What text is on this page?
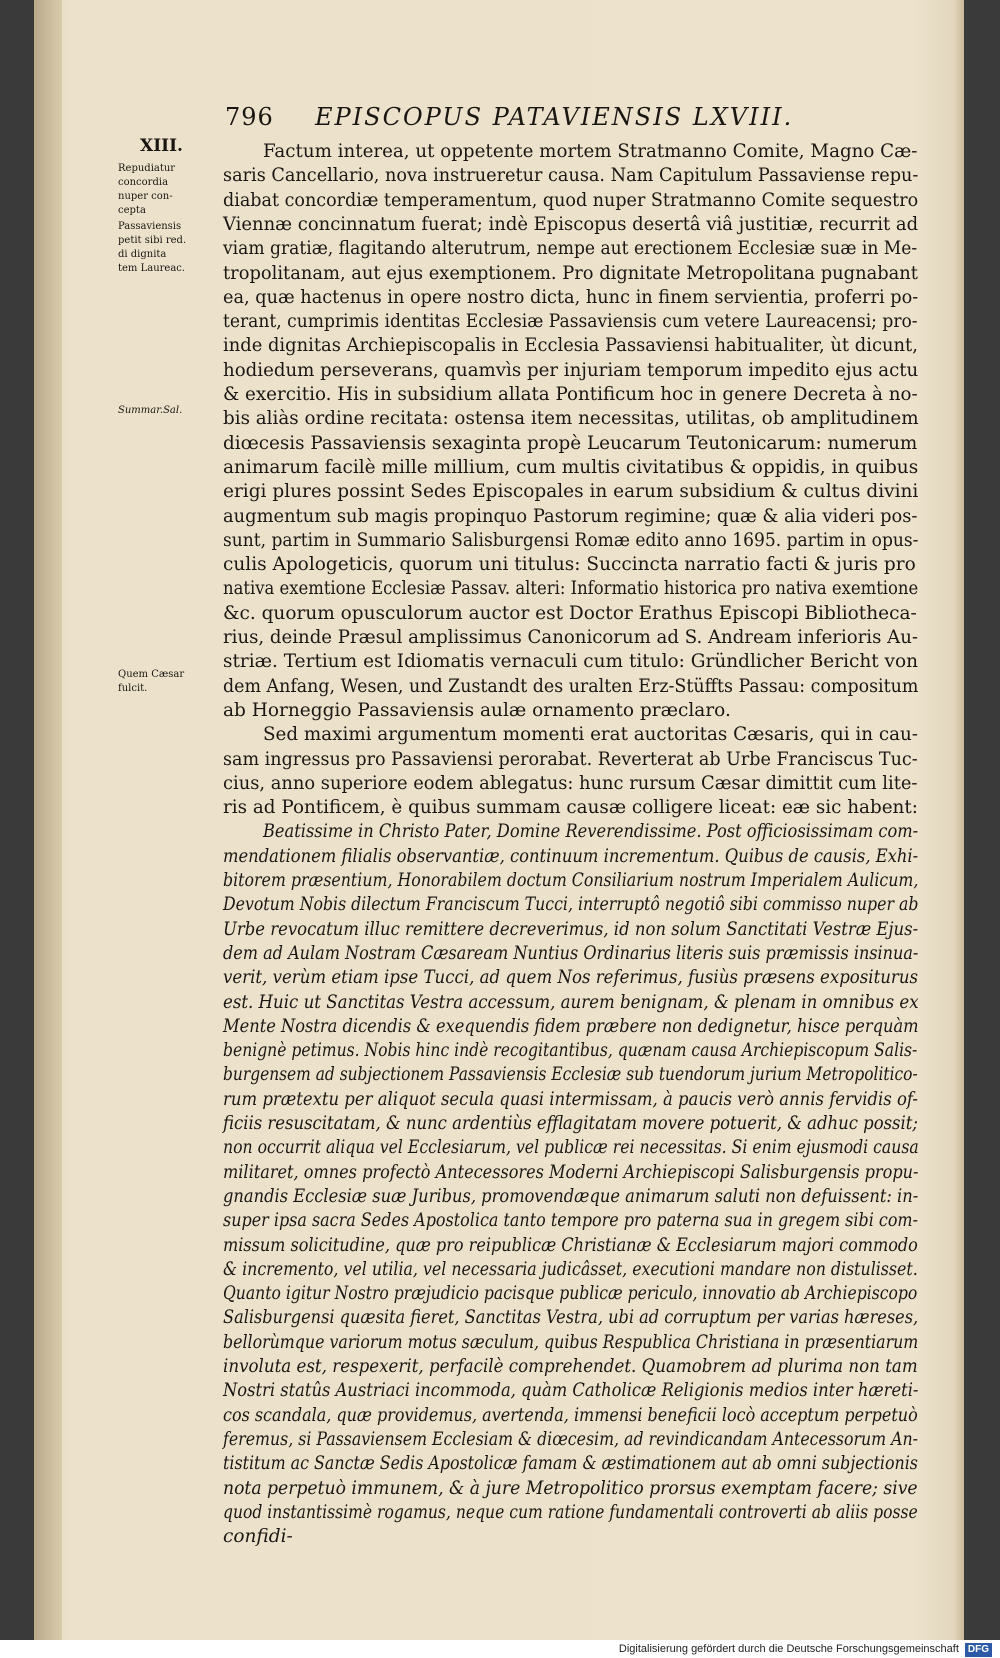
796 EPISCOPUS PATAVIENSIS LXVIII.
XIII.
Repudiatur
concordia
nuper con-
cepta
Passaviensis
petit sibi red.
di dignita
tem Laureac.
Summar.Sal.
Quem Cæsar
fulcit.
Factum interea, ut oppetente mortem Stratmanno Comite, Magno Cæ-
saris Cancellario, nova instrueretur causa. Nam Capitulum Passaviense repu-
diabat concordiæ temperamentum, quod nuper Stratmanno Comite sequestro
Viennæ concinnatum fuerat; indè Episcopus desertâ viâ justitiæ, recurrit ad
viam gratiæ, flagitando alterutrum, nempe aut erectionem Ecclesiæ suæ in Me-
tropolitanam, aut ejus exemptionem. Pro dignitate Metropolitana pugnabant
ea, quæ hactenus in opere nostro dicta, hunc in finem servientia, proferri po-
terant, cumprimis identitas Ecclesiæ Passaviensis cum vetere Laureacensi; pro-
inde dignitas Archiepiscopalis in Ecclesia Passaviensi habitualiter, ùt dicunt,
hodiedum perseverans, quamvìs per injuriam temporum impedito ejus actu
& exercitio. His in subsidium allata Pontificum hoc in genere Decreta à no-
bis aliàs ordine recitata: ostensa item necessitas, utilitas, ob amplitudinem
diœcesis Passaviensis sexaginta propè Leucarum Teutonicarum: numerum
animarum facilè mille millium, cum multis civitatibus & oppidis, in quibus
erigi plures possint Sedes Episcopales in earum subsidium & cultus divini
augmentum sub magis propinquo Pastorum regimine; quæ & alia videri pos-
sunt, partim in Summario Salisburgensi Romæ edito anno 1695. partim in opus-
culis Apologeticis, quorum uni titulus: Succincta narratio facti & juris pro
nativa exemtione Ecclesiæ Passav. alteri: Informatio historica pro nativa exemtione
&c. quorum opusculorum auctor est Doctor Erathus Episcopi Bibliotheca-
rius, deinde Præsul amplissimus Canonicorum ad S. Andream inferioris Au-
striæ. Tertium est Idiomatis vernaculi cum titulo: Gründlicher Bericht von
dem Anfang, Wesen, und Zustandt des uralten Erz-Stüffts Passau: compositum
ab Horneggio Passaviensis aulæ ornamento præclaro.
Sed maximi argumentum momenti erat auctoritas Cæsaris, qui in cau-
sam ingressus pro Passaviensi perorabat. Reverterat ab Urbe Franciscus Tuc-
cius, anno superiore eodem ablegatus: hunc rursum Cæsar dimittit cum lite-
ris ad Pontificem, è quibus summam causæ colligere liceat: eæ sic habent:
Beatissime in Christo Pater, Domine Reverendissime. Post officiosissimam com-
mendationem filialis observantiæ, continuum incrementum. Quibus de causis, Exhi-
bitorem præsentium, Honorabilem doctum Consiliarium nostrum Imperialem Aulicum,
Devotum Nobis dilectum Franciscum Tucci, interruptô negotiô sibi commisso nuper ab
Urbe revocatum illuc remittere decreverimus, id non solum Sanctitati Vestræ Ejus-
dem ad Aulam Nostram Cæsaream Nuntius Ordinarius literis suis præmissis insinua-
verit, verùm etiam ipse Tucci, ad quem Nos referimus, fusiùs præsens expositurus
est. Huic ut Sanctitas Vestra accessum, aurem benignam, & plenam in omnibus ex
Mente Nostra dicendis & exequendis fidem præbere non dedignetur, hisce perquàm
benignè petimus. Nobis hinc indè recogitantibus, quænam causa Archiepiscopum Salis-
burgensem ad subjectionem Passaviensis Ecclesiæ sub tuendorum jurium Metropolitico-
rum prætextu per aliquot secula quasi intermissam, à paucis verò annis fervidis of-
ficiis resuscitatam, & nunc ardentiùs efflagitatam movere potuerit, & adhuc possit;
non occurrit aliqua vel Ecclesiarum, vel publicæ rei necessitas. Si enim ejusmodi causa
militaret, omnes profectò Antecessores Moderni Archiepiscopi Salisburgensis propu-
gnandis Ecclesiæ suæ Juribus, promovendæque animarum saluti non defuissent: in-
super ipsa sacra Sedes Apostolica tanto tempore pro paterna sua in gregem sibi com-
missum solicitudine, quæ pro reipublicæ Christianæ & Ecclesiarum majori commodo
& incremento, vel utilia, vel necessaria judicâsset, executioni mandare non distulisset.
Quanto igitur Nostro præjudicio pacisque publicæ periculo, innovatio ab Archiepiscopo
Salisburgensi quæsita fieret, Sanctitas Vestra, ubi ad corruptum per varias hæreses,
bellorùmque variorum motus sæculum, quibus Respublica Christiana in præsentiarum
involuta est, respexerit, perfacilè comprehendet. Quamobrem ad plurima non tam
Nostri statûs Austriaci incommoda, quàm Catholicæ Religionis medios inter hæreti-
cos scandala, quæ providemus, avertenda, immensi beneficii locò acceptum perpetuò
feremus, si Passaviensem Ecclesiam & diœcesim, ad revindicandam Antecessorum An-
tistitum ac Sanctæ Sedis Apostolicæ famam & æstimationem aut ab omni subjectionis
nota perpetuò immunem, & à jure Metropolitico prorsus exemptam facere; sive
quod instantissimè rogamus, neque cum ratione fundamentali controverti ab aliis posse
confidi-
Digitalisierung gefördert durch die Deutsche Forschungsgemeinschaft DFG
